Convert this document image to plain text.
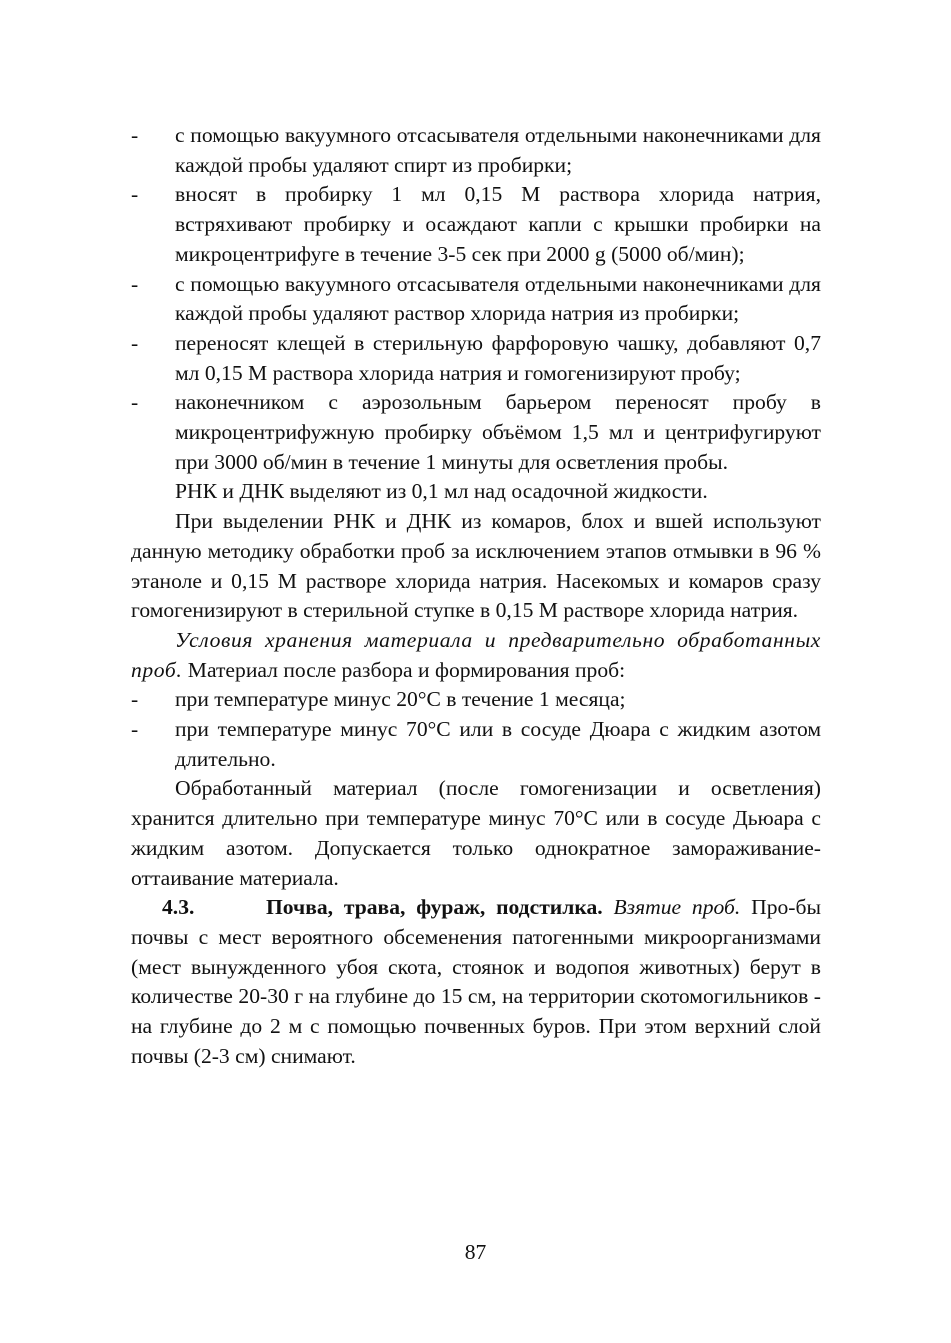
- с помощью вакуумного отсасывателя отдельными наконечниками для каждой пробы удаляют спирт из пробирки;
- вносят в пробирку 1 мл 0,15 М раствора хлорида натрия, встряхивают пробирку и осаждают капли с крышки пробирки на микроцентрифуге в течение 3-5 сек при 2000 g (5000 об/мин);
- с помощью вакуумного отсасывателя отдельными наконечниками для каждой пробы удаляют раствор хлорида натрия из пробирки;
- переносят клещей в стерильную фарфоровую чашку, добавляют 0,7 мл 0,15 М раствора хлорида натрия и гомогенизируют пробу;
- наконечником с аэрозольным барьером переносят пробу в микроцентрифужную пробирку объёмом 1,5 мл и центрифугируют при 3000 об/мин в течение 1 минуты для осветления пробы.
РНК и ДНК выделяют из 0,1 мл над осадочной жидкости.
При выделении РНК и ДНК из комаров, блох и вшей используют данную методику обработки проб за исключением этапов отмывки в 96 % этаноле и 0,15 М растворе хлорида натрия. Насекомых и комаров сразу гомогенизируют в стерильной ступке в 0,15 М растворе хлорида натрия.
Условия хранения материала и предварительно обработанных проб. Материал после разбора и формирования проб:
- при температуре минус 20°С в течение 1 месяца;
- при температуре минус 70°С или в сосуде Дюара с жидким азотом длительно.
Обработанный материал (после гомогенизации и осветления) хранится длительно при температуре минус 70°С или в сосуде Дьюара с жидким азотом. Допускается только однократное замораживание-оттаивание материала.
4.3.	Почва, трава, фураж, подстилка. Взятие проб. Про-бы почвы с мест вероятного обсеменения патогенными микроорганизмами (мест вынужденного убоя скота, стоянок и водопоя животных) берут в количестве 20-30 г на глубине до 15 см, на территории скотомогильников - на глубине до 2 м с помощью почвенных буров. При этом верхний слой почвы (2-3 см) снимают.
87
